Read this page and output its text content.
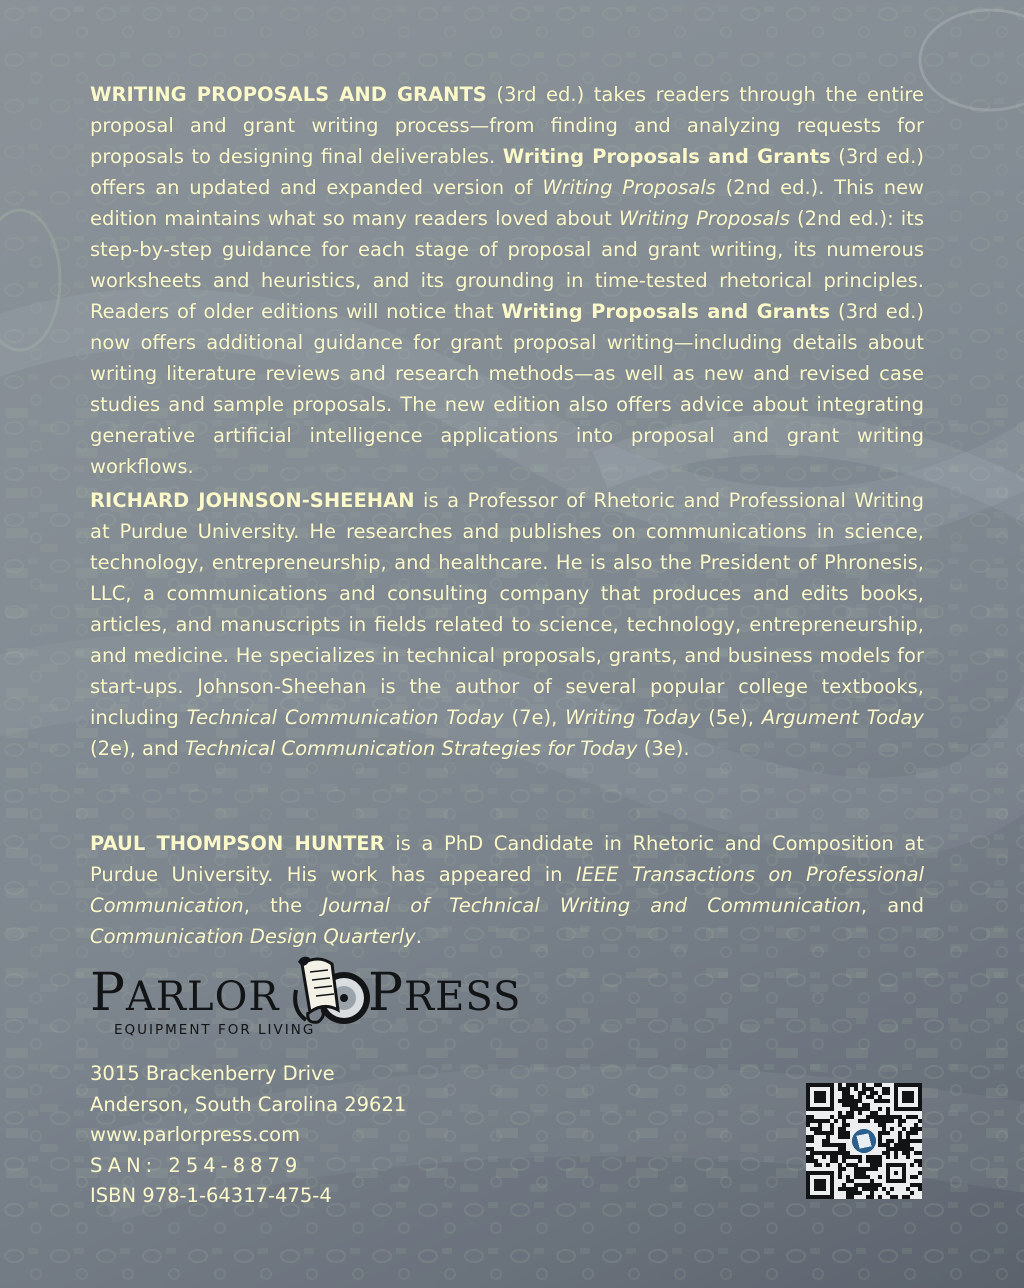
WRITING PROPOSALS AND GRANTS (3rd ed.) takes readers through the entire proposal and grant writing process—from finding and analyzing requests for proposals to designing final deliverables. Writing Proposals and Grants (3rd ed.) offers an updated and expanded version of Writing Proposals (2nd ed.). This new edition maintains what so many readers loved about Writing Proposals (2nd ed.): its step-by-step guidance for each stage of proposal and grant writing, its numerous worksheets and heuristics, and its grounding in time-tested rhetorical principles. Readers of older editions will notice that Writing Proposals and Grants (3rd ed.) now offers additional guidance for grant proposal writing—including details about writing literature reviews and research methods—as well as new and revised case studies and sample proposals. The new edition also offers advice about integrating generative artificial intelligence applications into proposal and grant writing workflows.

RICHARD JOHNSON-SHEEHAN is a Professor of Rhetoric and Professional Writing at Purdue University. He researches and publishes on communications in science, technology, entrepreneurship, and healthcare. He is also the President of Phronesis, LLC, a communications and consulting company that produces and edits books, articles, and manuscripts in fields related to science, technology, entrepreneurship, and medicine. He specializes in technical proposals, grants, and business models for start-ups. Johnson-Sheehan is the author of several popular college textbooks, including Technical Communication Today (7e), Writing Today (5e), Argument Today (2e), and Technical Communication Strategies for Today (3e).

PAUL THOMPSON HUNTER is a PhD Candidate in Rhetoric and Composition at Purdue University. His work has appeared in IEEE Transactions on Professional Communication, the Journal of Technical Writing and Communication, and Communication Design Quarterly.

PARLOR PRESS
EQUIPMENT FOR LIVING
3015 Brackenberry Drive
Anderson, South Carolina 29621
www.parlorpress.com
SAN: 254-8879
ISBN 978-1-64317-475-4
